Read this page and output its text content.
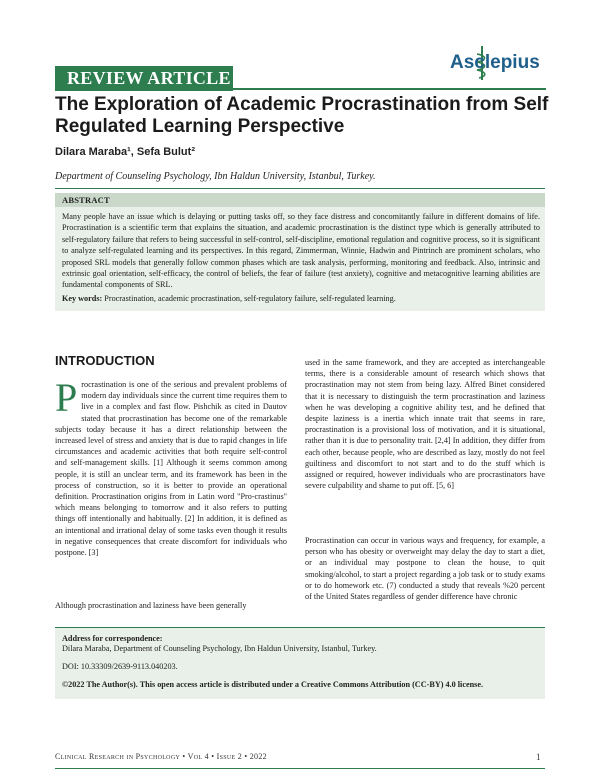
REVIEW ARTICLE
Asclepius
The Exploration of Academic Procrastination from Self Regulated Learning Perspective
Dilara Maraba¹, Sefa Bulut²
Department of Counseling Psychology, Ibn Haldun University, Istanbul, Turkey.
ABSTRACT

Many people have an issue which is delaying or putting tasks off, so they face distress and concomitantly failure in different domains of life. Procrastination is a scientific term that explains the situation, and academic procrastination is the distinct type which is generally attributed to self-regulatory failure that refers to being successful in self-control, self-discipline, emotional regulation and cognitive process, so it is significant to analyze self-regulated learning and its perspectives. In this regard, Zimmerman, Winnie, Hadwin and Pintrinch are prominent scholars, who proposed SRL models that generally follow common phases which are task analysis, performing, monitoring and feedback. Also, intrinsic and extrinsic goal orientation, self-efficacy, the control of beliefs, the fear of failure (test anxiety), cognitive and metacognitive learning abilities are fundamental components of SRL.

Key words: Procrastination, academic procrastination, self-regulatory failure, self-regulated learning.

INTRODUCTION

Procrastination is one of the serious and prevalent problems of modern day individuals since the current time requires them to live in a complex and fast flow. Pishchik as cited in Dautov stated that procrastination has become one of the remarkable subjects today because it has a direct relationship between the increased level of stress and anxiety that is due to rapid changes in life circumstances and academic activities that both require self-control and self-management skills. [1] Although it seems common among people, it is still an unclear term, and its framework has been in the process of construction, so it is better to provide an operational definition. Procrastination origins from in Latin word "Pro-crastinus" which means belonging to tomorrow and it also refers to putting things off intentionally and habitually. [2] In addition, it is defined as an intentional and irrational delay of some tasks even though it results in negative consequences that create discomfort for individuals who postpone. [3]

Although procrastination and laziness have been generally

used in the same framework, and they are accepted as interchangeable terms, there is a considerable amount of research which shows that procrastination may not stem from being lazy. Alfred Binet considered that it is necessary to distinguish the term procrastination and laziness when he was developing a cognitive ability test, and he defined that despite laziness is a inertia which innate trait that seems in rare, procrastination is a provisional loss of motivation, and it is situational, rather than it is due to personality trait. [2,4] In addition, they differ from each other, because people, who are described as lazy, mostly do not feel guiltiness and discomfort to not start and to do the stuff which is assigned or required, however individuals who are procrastinators have severe culpability and shame to put off. [5, 6]

Procrastination can occur in various ways and frequency, for example, a person who has obesity or overweight may delay the day to start a diet, or an individual may postpone to clean the house, to quit smoking/alcohol, to start a project regarding a job task or to study exams or to do homework etc. (7) conducted a study that reveals %20 percent of the United States regardless of gender difference have chronic
Address for correspondence:
Dilara Maraba, Department of Counseling Psychology, Ibn Haldun University, Istanbul, Turkey.
DOI: 10.33309/2639-9113.040203.
©2022 The Author(s). This open access article is distributed under a Creative Commons Attribution (CC-BY) 4.0 license.
Clinical Research in Psychology • Vol 4 • Issue 2 • 2022	1
